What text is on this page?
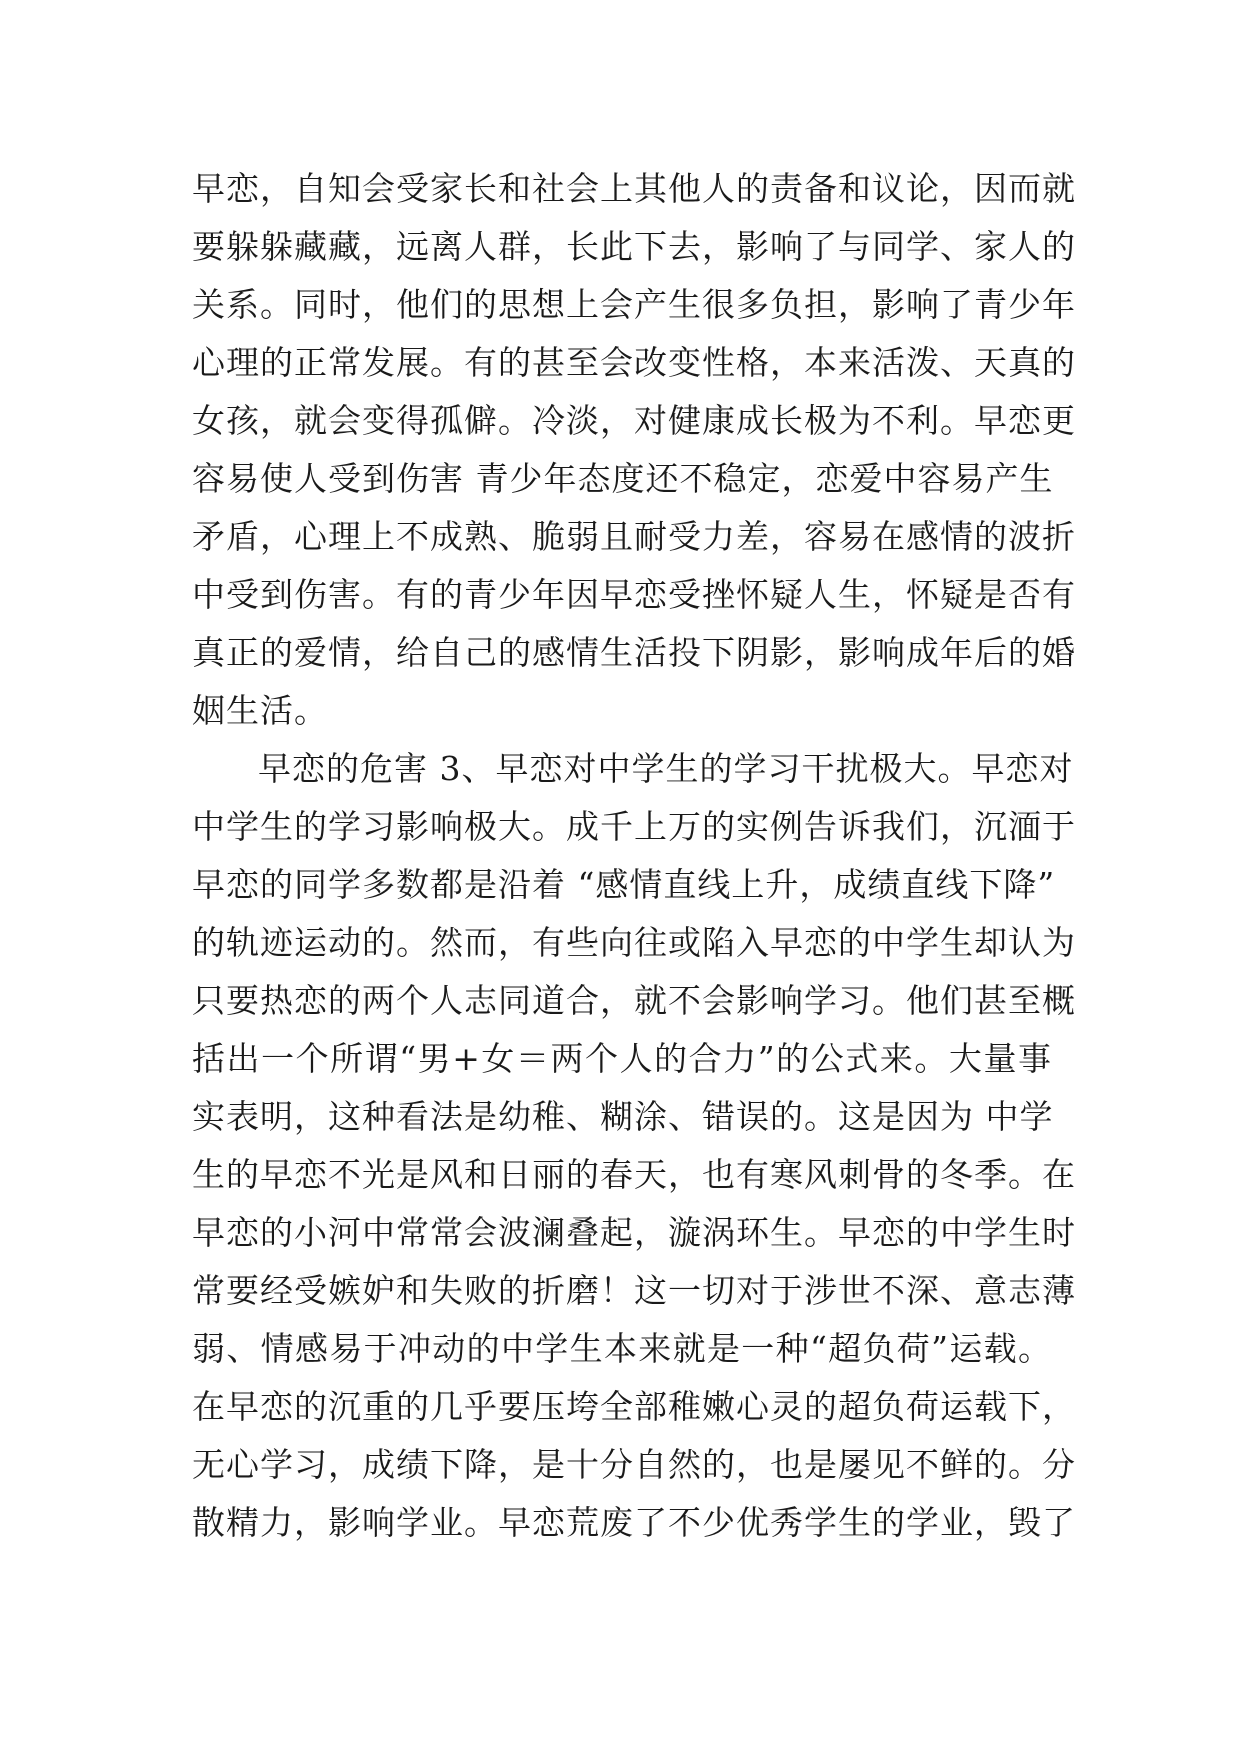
早恋，自知会受家长和社会上其他人的责备和议论，因而就
要躲躲藏藏，远离人群，长此下去，影响了与同学、家人的
关系。同时，他们的思想上会产生很多负担，影响了青少年
心理的正常发展。有的甚至会改变性格，本来活泼、天真的
女孩，就会变得孤僻。冷淡，对健康成长极为不利。早恋更
容易使人受到伤害 青少年态度还不稳定，恋爱中容易产生
矛盾，心理上不成熟、脆弱且耐受力差，容易在感情的波折
中受到伤害。有的青少年因早恋受挫怀疑人生，怀疑是否有
真正的爱情，给自己的感情生活投下阴影，影响成年后的婚
姻生活。
早恋的危害 3、早恋对中学生的学习干扰极大。早恋对
中学生的学习影响极大。成千上万的实例告诉我们，沉湎于
早恋的同学多数都是沿着 “感情直线上升，成绩直线下降”
的轨迹运动的。然而，有些向往或陷入早恋的中学生却认为
只要热恋的两个人志同道合，就不会影响学习。他们甚至概
括出一个所谓“男+女＝两个人的合力”的公式来。大量事
实表明，这种看法是幼稚、糊涂、错误的。这是因为 中学
生的早恋不光是风和日丽的春天，也有寒风刺骨的冬季。在
早恋的小河中常常会波澜叠起，漩涡环生。早恋的中学生时
常要经受嫉妒和失败的折磨！这一切对于涉世不深、意志薄
弱、情感易于冲动的中学生本来就是一种“超负荷”运载。
在早恋的沉重的几乎要压垮全部稚嫩心灵的超负荷运载下，
无心学习，成绩下降，是十分自然的，也是屡见不鲜的。分
散精力，影响学业。早恋荒废了不少优秀学生的学业，毁了
